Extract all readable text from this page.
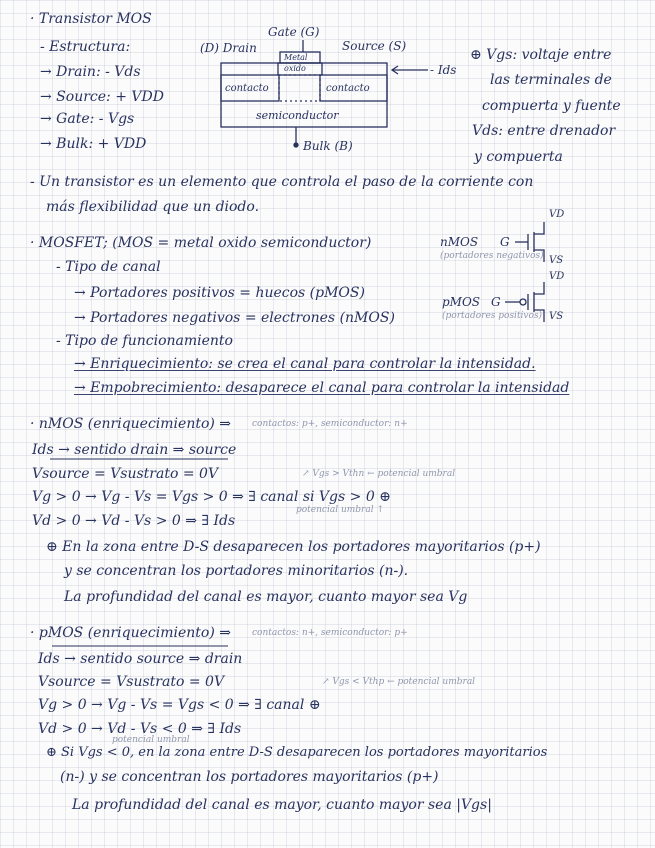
· Transistor MOS
- Estructura:
→ Drain: - Vds
→ Source: + VDD
→ Gate: - Vgs
→ Bulk: + VDD
Gate (G)
(D) Drain	Source (S)
Metal
oxido
contacto	contacto
semiconductor
Bulk (B)
- Ids
⊕ Vgs: voltaje entre
las terminales de
compuerta y fuente
Vds: entre drenador
y compuerta
- Un transistor es un elemento que controla el paso de la corriente con
más flexibilidad que un diodo.
· MOSFET; (MOS = metal oxido semiconductor)
- Tipo de canal
→ Portadores positivos = huecos (pMOS)
→ Portadores negativos = electrones (nMOS)
- Tipo de funcionamiento
→ Enriquecimiento: se crea el canal para controlar la intensidad.
→ Empobrecimiento: desaparece el canal para controlar la intensidad
nMOS G
VD
VS
(portadores negativos)
pMOS G
VD
VS
(portadores positivos)
· nMOS (enriquecimiento) ⇒ contactos: p+, semiconductor: n+
Ids → sentido drain ⇒ source
Vsource = Vsustrato = 0V	↗ Vgs > Vthn ← potencial umbral
Vg > 0 → Vg - Vs = Vgs > 0 ⇒ ∃ canal si Vgs > 0 ⊕
potencial umbral ↑
Vd > 0 → Vd - Vs > 0 ⇒ ∃ Ids
⊕ En la zona entre D-S desaparecen los portadores mayoritarios (p+)
y se concentran los portadores minoritarios (n-).
La profundidad del canal es mayor, cuanto mayor sea Vg
· pMOS (enriquecimiento) ⇒ contactos: n+, semiconductor: p+
Ids → sentido source ⇒ drain
Vsource = Vsustrato = 0V	↗ Vgs < Vthp ← potencial umbral
Vg > 0 → Vg - Vs = Vgs < 0 ⇒ ∃ canal ⊕
Vd > 0 → Vd - Vs < 0 ⇒ ∃ Ids
potencial umbral
⊕ Si Vgs < 0, en la zona entre D-S desaparecen los portadores mayoritarios
(n-) y se concentran los portadores mayoritarios (p+)
La profundidad del canal es mayor, cuanto mayor sea |Vgs|
